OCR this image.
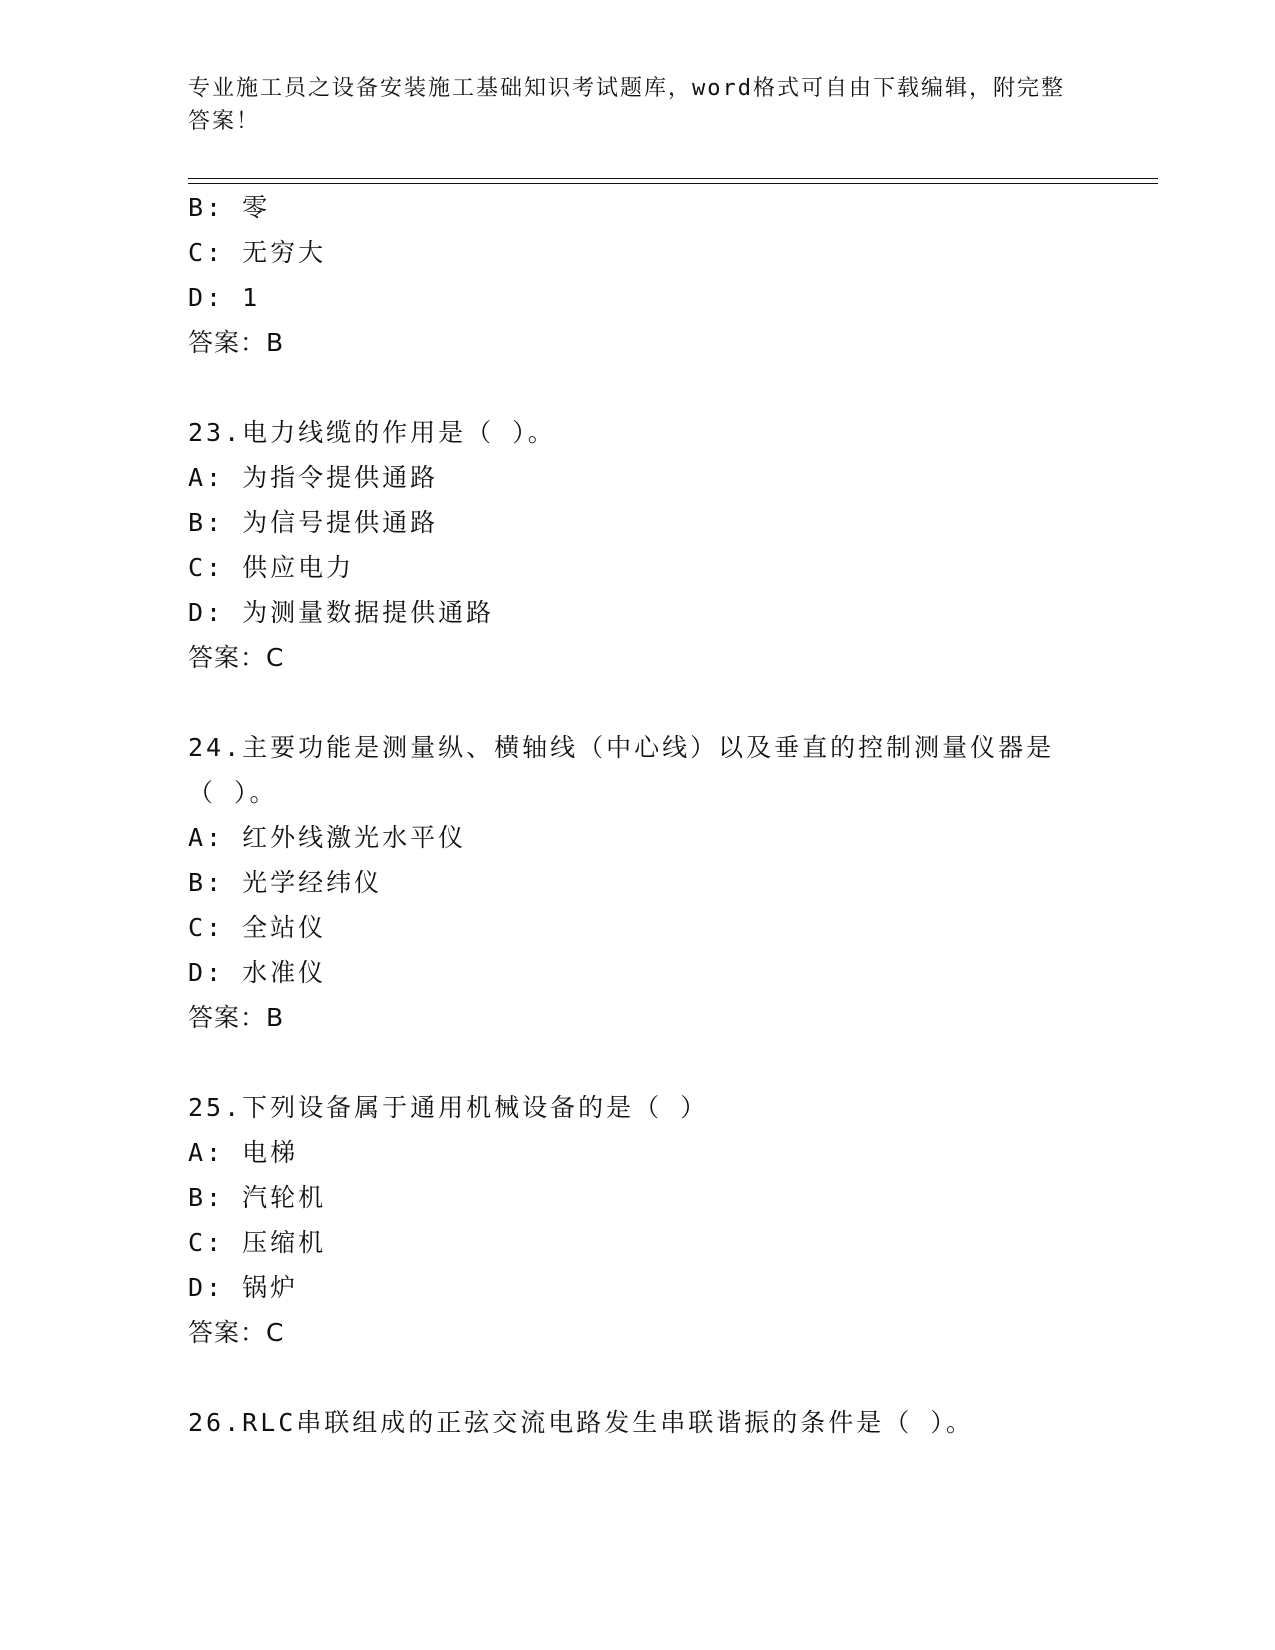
专业施工员之设备安装施工基础知识考试题库，word格式可自由下载编辑，附完整答案！
B: 零
C: 无穷大
D: 1
答案：B
23.电力线缆的作用是（ ）。
A: 为指令提供通路
B: 为信号提供通路
C: 供应电力
D: 为测量数据提供通路
答案：C
24.主要功能是测量纵、横轴线（中心线）以及垂直的控制测量仪器是
（ ）。
A: 红外线激光水平仪
B: 光学经纬仪
C: 全站仪
D: 水准仪
答案：B
25.下列设备属于通用机械设备的是（ ）
A: 电梯
B: 汽轮机
C: 压缩机
D: 锅炉
答案：C
26.RLC串联组成的正弦交流电路发生串联谐振的条件是（ ）。
